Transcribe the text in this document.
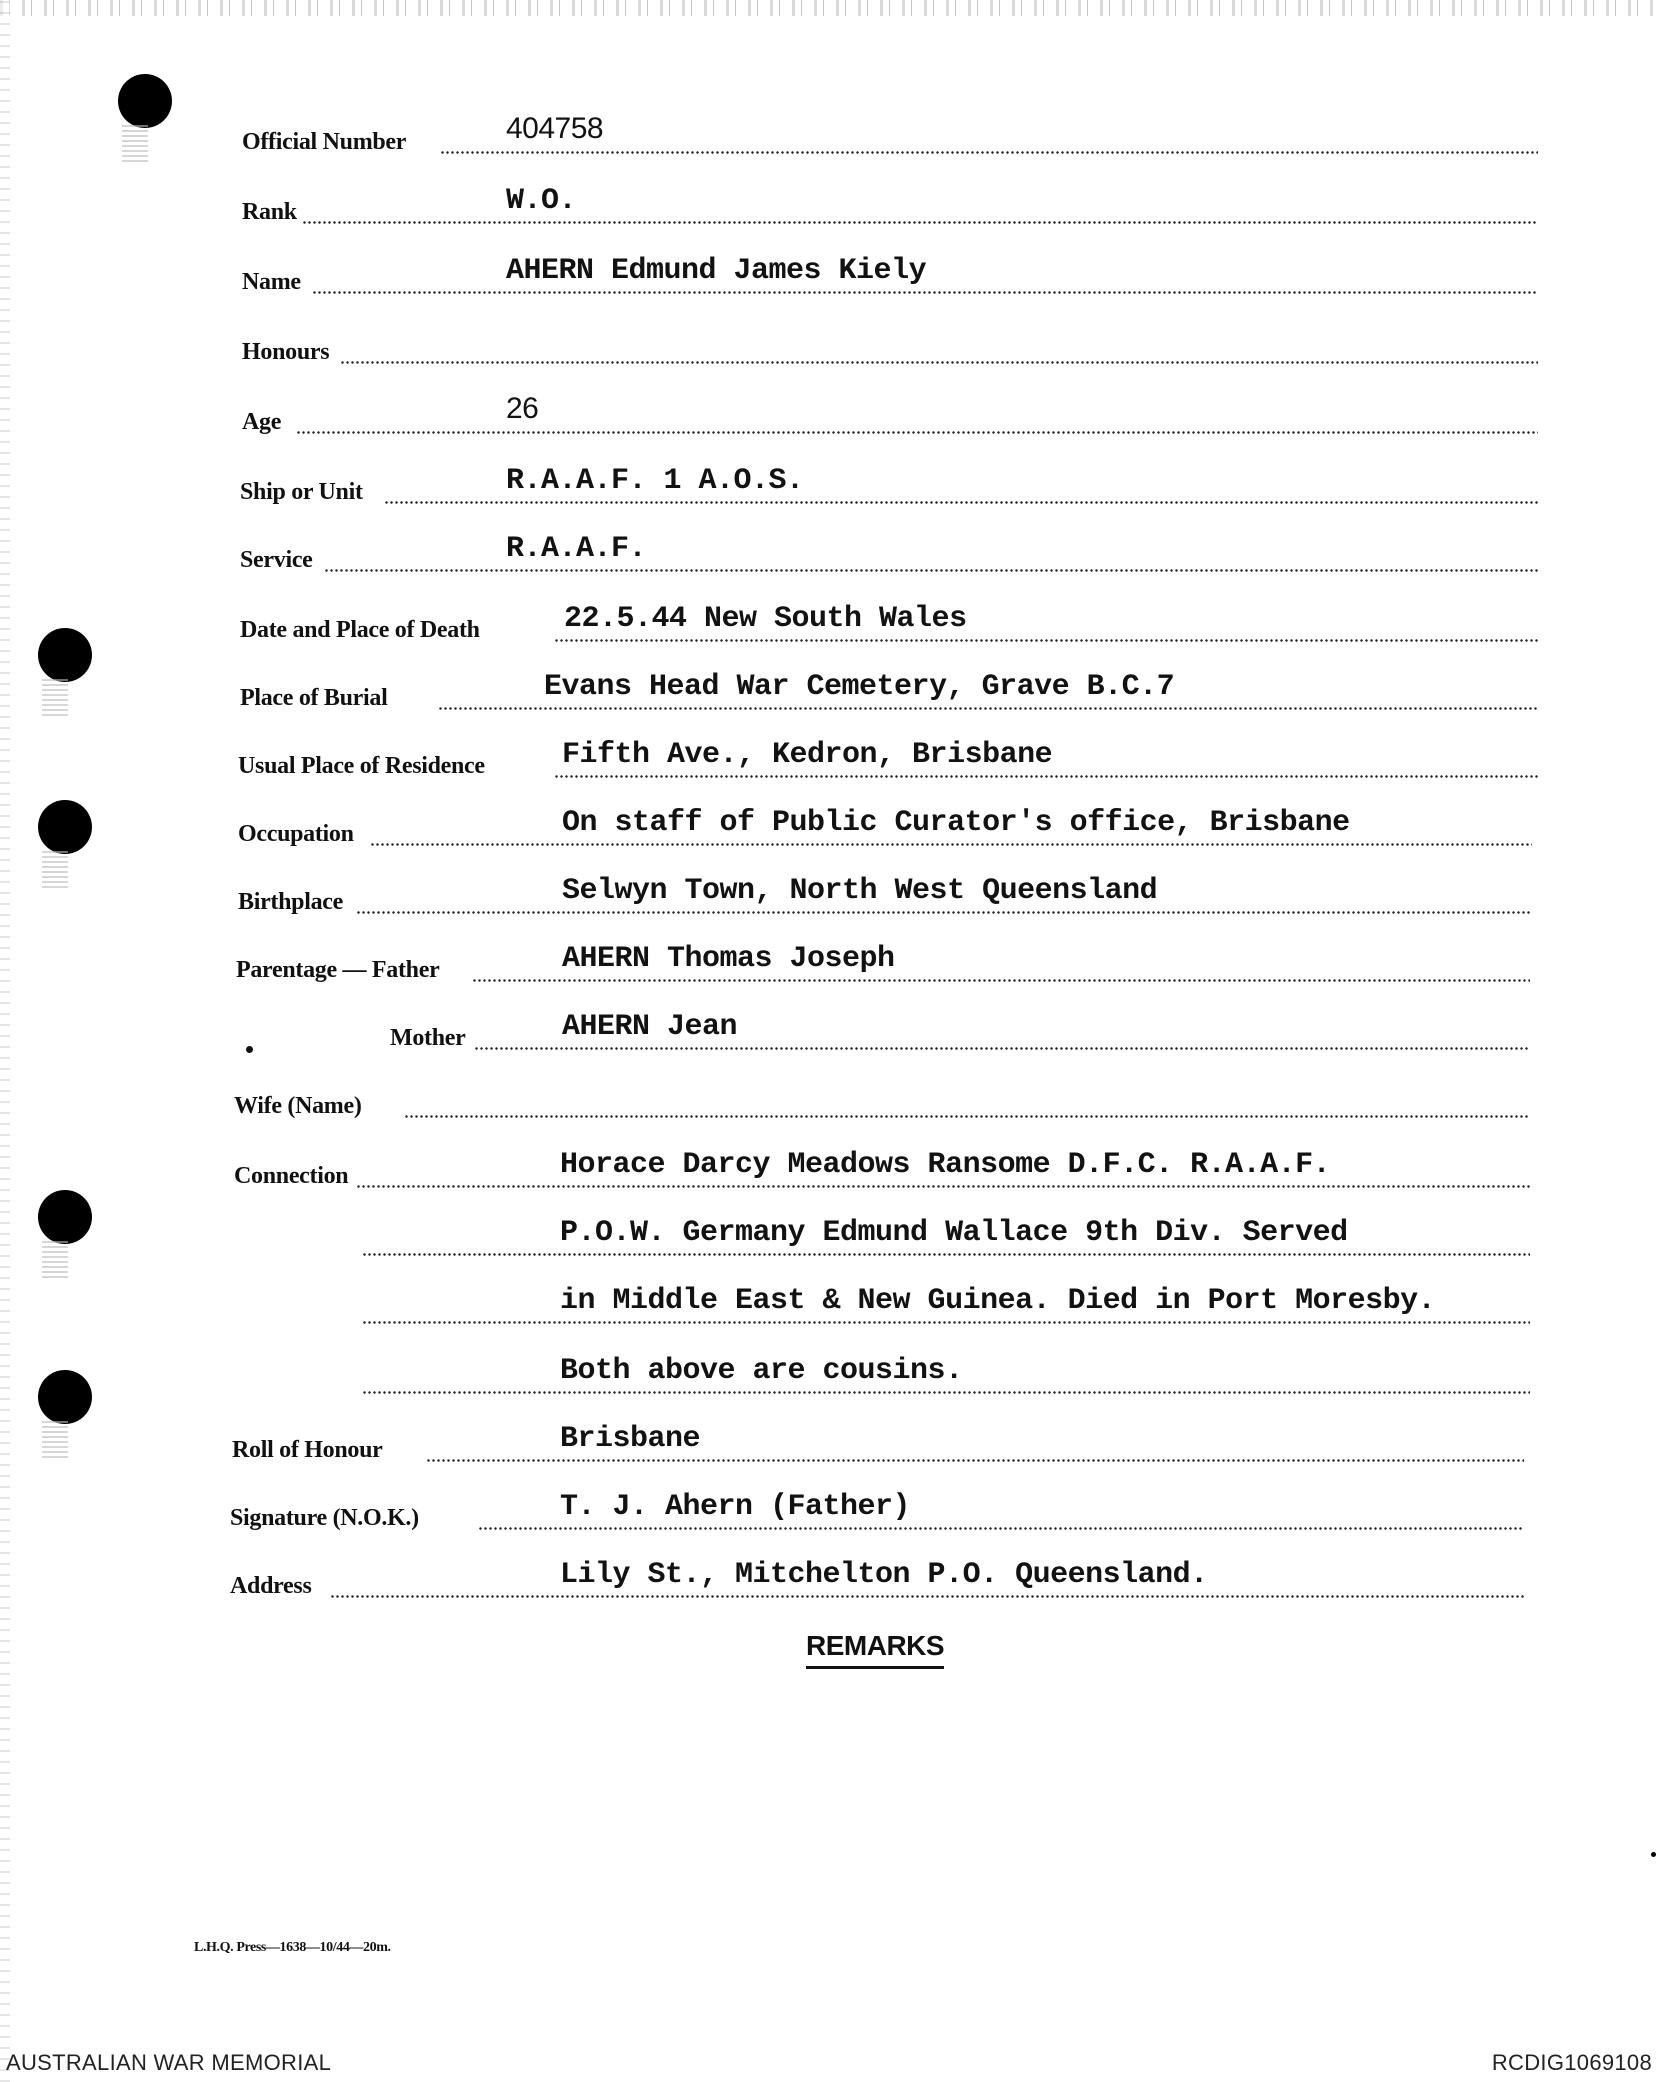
Official Number	404758
Rank	W.O.
Name	AHERN Edmund James Kiely
Honours
Age	26
Ship or Unit	R.A.A.F. 1 A.O.S.
Service	R.A.A.F.
Date and Place of Death	22.5.44 New South Wales
Place of Burial	Evans Head War Cemetery, Grave B.C.7
Usual Place of Residence	Fifth Ave., Kedron, Brisbane
Occupation	On staff of Public Curator's office, Brisbane
Birthplace	Selwyn Town, North West Queensland
Parentage — Father	AHERN Thomas Joseph
Mother	AHERN Jean
Wife (Name)
Connection	Horace Darcy Meadows Ransome D.F.C. R.A.A.F.
P.O.W. Germany Edmund Wallace 9th Div. Served
in Middle East & New Guinea. Died in Port Moresby.
Both above are cousins.
Roll of Honour	Brisbane
Signature (N.O.K.)	T. J. Ahern (Father)
Address	Lily St., Mitchelton P.O. Queensland.
REMARKS
L.H.Q. Press—1638—10/44—20m.
AUSTRALIAN WAR MEMORIAL	RCDIG1069108
